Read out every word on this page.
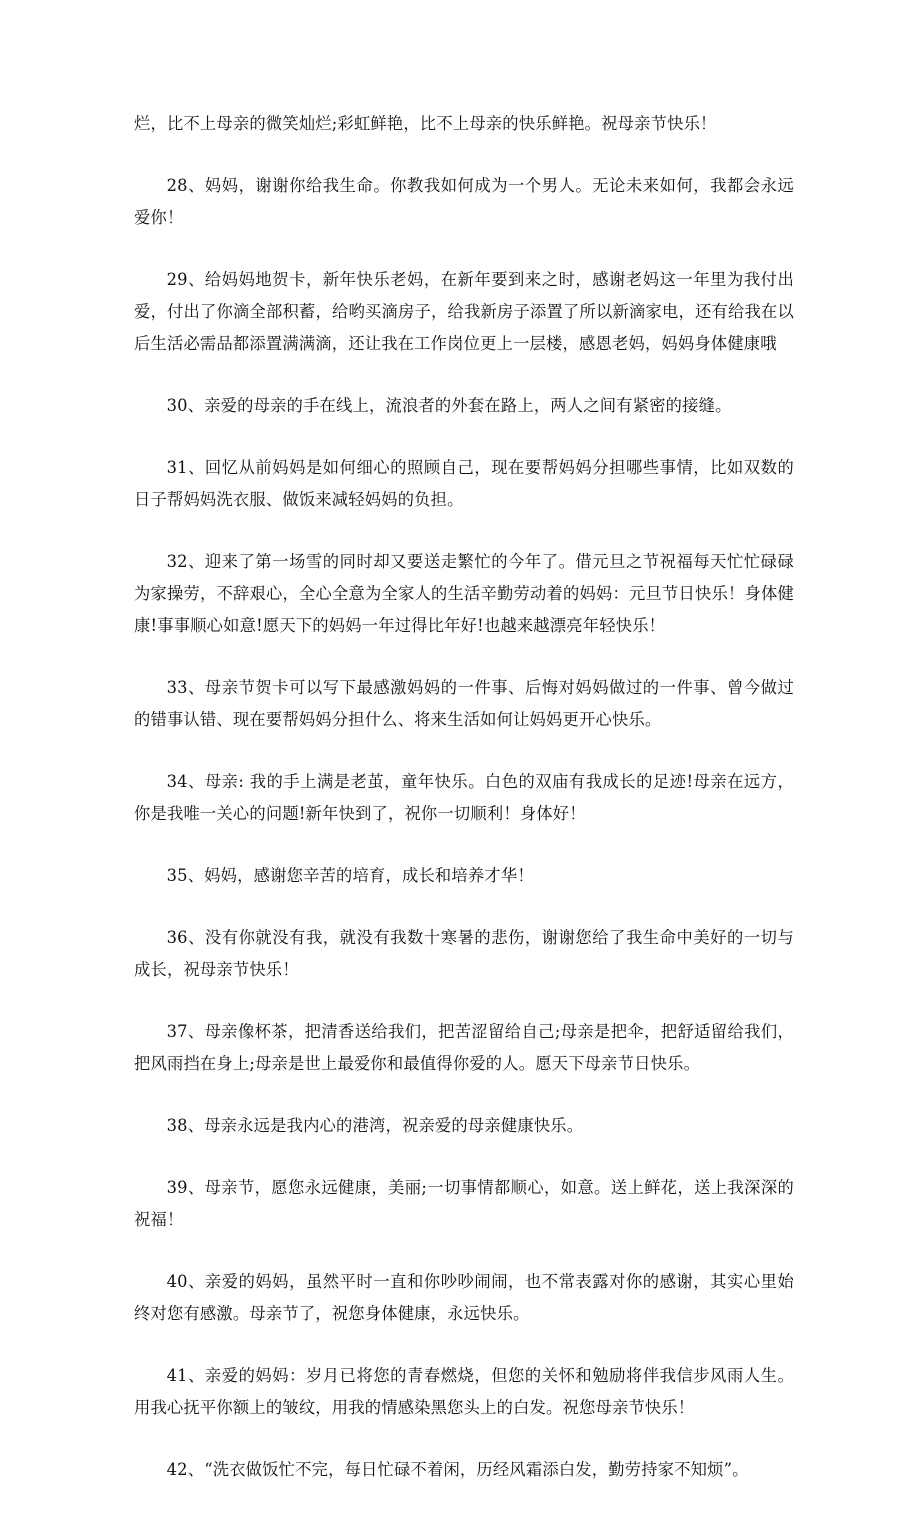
烂，比不上母亲的微笑灿烂;彩虹鲜艳，比不上母亲的快乐鲜艳。祝母亲节快乐！

28、妈妈，谢谢你给我生命。你教我如何成为一个男人。无论未来如何，我都会永远爱你！

29、给妈妈地贺卡，新年快乐老妈，在新年要到来之时，感谢老妈这一年里为我付出爱，付出了你滴全部积蓄，给哟买滴房子，给我新房子添置了所以新滴家电，还有给我在以后生活必需品都添置满满滴，还让我在工作岗位更上一层楼，感恩老妈，妈妈身体健康哦

30、亲爱的母亲的手在线上，流浪者的外套在路上，两人之间有紧密的接缝。

31、回忆从前妈妈是如何细心的照顾自己，现在要帮妈妈分担哪些事情，比如双数的日子帮妈妈洗衣服、做饭来减轻妈妈的负担。

32、迎来了第一场雪的同时却又要送走繁忙的今年了。借元旦之节祝福每天忙忙碌碌为家操劳，不辞艰心，全心全意为全家人的生活辛勤劳动着的妈妈：元旦节日快乐！身体健康!事事顺心如意!愿天下的妈妈一年过得比年好!也越来越漂亮年轻快乐！

33、母亲节贺卡可以写下最感激妈妈的一件事、后悔对妈妈做过的一件事、曾今做过的错事认错、现在要帮妈妈分担什么、将来生活如何让妈妈更开心快乐。

34、母亲: 我的手上满是老茧，童年快乐。白色的双庙有我成长的足迹!母亲在远方，你是我唯一关心的问题!新年快到了，祝你一切顺利！身体好！

35、妈妈，感谢您辛苦的培育，成长和培养才华！

36、没有你就没有我，就没有我数十寒暑的悲伤，谢谢您给了我生命中美好的一切与成长，祝母亲节快乐！

37、母亲像杯茶，把清香送给我们，把苦涩留给自己;母亲是把伞，把舒适留给我们，把风雨挡在身上;母亲是世上最爱你和最值得你爱的人。愿天下母亲节日快乐。

38、母亲永远是我内心的港湾，祝亲爱的母亲健康快乐。

39、母亲节，愿您永远健康，美丽;一切事情都顺心，如意。送上鲜花，送上我深深的祝福！

40、亲爱的妈妈，虽然平时一直和你吵吵闹闹，也不常表露对你的感谢，其实心里始终对您有感激。母亲节了，祝您身体健康，永远快乐。

41、亲爱的妈妈：岁月已将您的青春燃烧，但您的关怀和勉励将伴我信步风雨人生。用我心抚平你额上的皱纹，用我的情感染黑您头上的白发。祝您母亲节快乐！

42、“洗衣做饭忙不完，每日忙碌不着闲，历经风霜添白发，勤劳持家不知烦”。
